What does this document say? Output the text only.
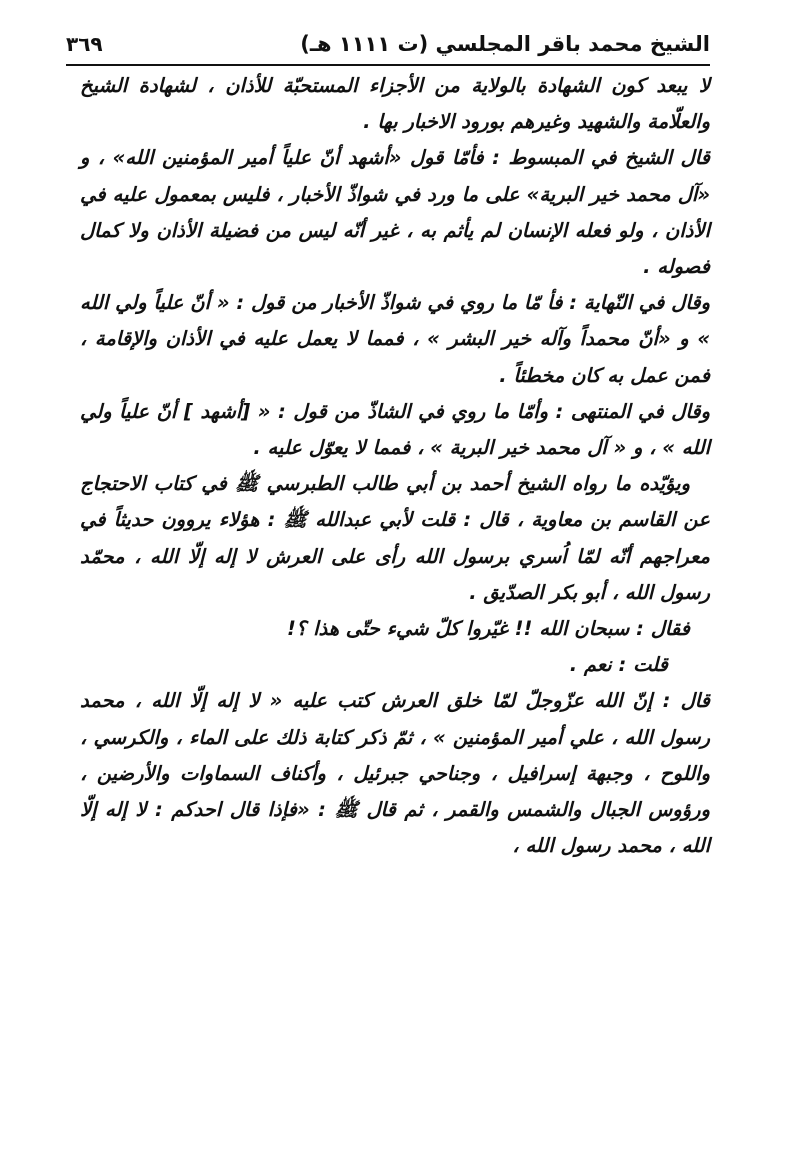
الشيخ محمد باقر المجلسي (ت ١١١١ هـ)
٣٦٩

لا يبعد كون الشهادة بالولاية من الأجزاء المستحبّة للأذان ، لشهادة الشيخ والعلّامة والشهيد وغيرهم بورود الاخبار بها .

قال الشيخ في المبسوط : فأمّا قول «أشهد أنّ علياً أمير المؤمنين الله» ، و «آل محمد خير البرية» على ما ورد في شواذّ الأخبار ، فليس بمعمول عليه في الأذان ، ولو فعله الإنسان لم يأثم به ، غير أنّه ليس من فضيلة الأذان ولا كمال فصوله .

وقال في النّهاية : فأ مّا ما روي في شواذّ الأخبار من قول : « أنّ علياً ولي الله » و «أنّ محمداً وآله خير البشر » ، فمما لا يعمل عليه في الأذان والإقامة ، فمن عمل به كان مخطئاً .

وقال في المنتهى : وأمّا ما روي في الشاذّ من قول : « [أشهد ] أنّ علياً ولي الله » ، و « آل محمد خير البرية » ، فمما لا يعوّل عليه .

ويؤيّده ما رواه الشيخ أحمد بن أبي طالب الطبرسي ﷺ في كتاب الاحتجاج عن القاسم بن معاوية ، قال : قلت لأبي عبدالله ﷺ : هؤلاء يروون حديثاً في معراجهم أنّه لمّا اُسري برسول الله رأى على العرش لا إله إلّا الله ، محمّد رسول الله ، أبو بكر الصدّيق .

فقال : سبحان الله !! غيّروا كلّ شيء حتّى هذا ؟!

قلت : نعم .

قال : إنّ الله عزّوجلّ لمّا خلق العرش كتب عليه « لا إله إلّا الله ، محمد رسول الله ، علي أمير المؤمنين » ، ثمّ ذكر كتابة ذلك على الماء ، والكرسي ، واللوح ، وجبهة إسرافيل ، وجناحي جبرئيل ، وأكناف السماوات والأرضين ، ورؤوس الجبال والشمس والقمر ، ثم قال ﷺ : «فإذا قال احدكم : لا إله إلّا الله ، محمد رسول الله ،
